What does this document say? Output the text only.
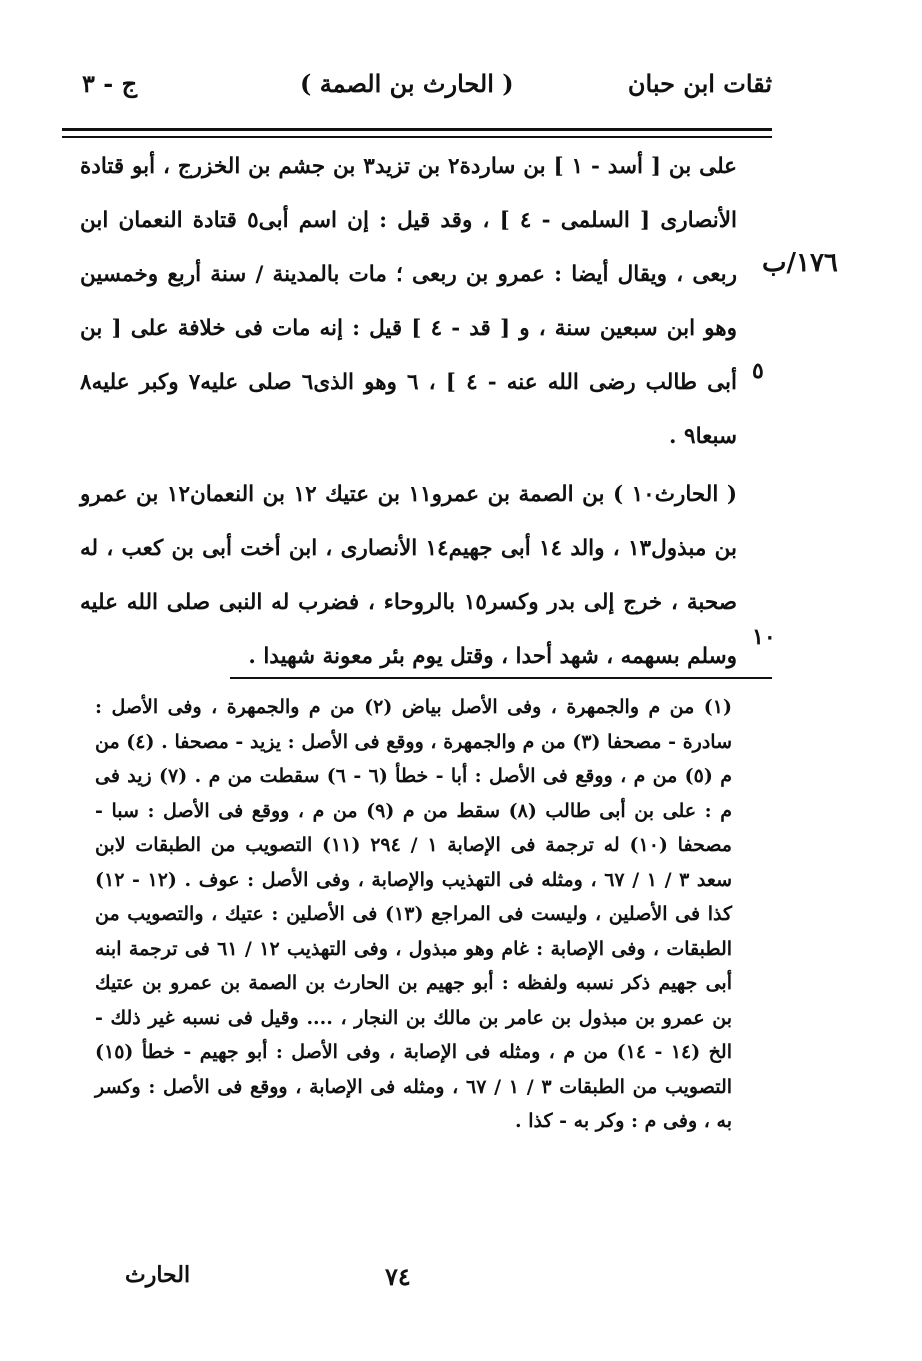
ج - ٣	( الحارث بن الصمة )	ثقات ابن حبان
١٧٦/ب
٥
١٠

على بن [ أسد - ١ ] بن ساردة٢ بن تزيد٣ بن جشم بن الخزرج ، أبو قتادة الأنصارى [ السلمى - ٤ ] ، وقد قيل : إن اسم أبى٥ قتادة النعمان ابن ربعى ، ويقال أيضا : عمرو بن ربعى ؛ مات بالمدينة / سنة أربع وخمسين وهو ابن سبعين سنة ، و [ قد - ٤ ] قيل : إنه مات فى خلافة على [ بن أبى طالب رضى الله عنه - ٤ ] ، ٦ وهو الذى٦ صلى عليه٧ وكبر عليه٨ سبعا٩ .

( الحارث١٠ ) بن الصمة بن عمرو١١ بن عتيك ١٢ بن النعمان١٢ بن عمرو بن مبذول١٣ ، والد ١٤ أبى جهيم١٤ الأنصارى ، ابن أخت أبى بن كعب ، له صحبة ، خرج إلى بدر وكسر١٥ بالروحاء ، فضرب له النبى صلى الله عليه وسلم بسهمه ، شهد أحدا ، وقتل يوم بئر معونة شهيدا .

(١) من م والجمهرة ، وفى الأصل بياض (٢) من م والجمهرة ، وفى الأصل : سادرة - مصحفا (٣) من م والجمهرة ، ووقع فى الأصل : يزيد - مصحفا . (٤) من م (٥) من م ، ووقع فى الأصل : أبا - خطأ (٦ - ٦) سقطت من م . (٧) زيد فى م : على بن أبى طالب (٨) سقط من م (٩) من م ، ووقع فى الأصل : سبا - مصحفا (١٠) له ترجمة فى الإصابة ١ / ٢٩٤ (١١) التصويب من الطبقات لابن سعد ٣ / ١ / ٦٧ ، ومثله فى التهذيب والإصابة ، وفى الأصل : عوف . (١٢ - ١٢) كذا فى الأصلين ، وليست فى المراجع (١٣) فى الأصلين : عتيك ، والتصويب من الطبقات ، وفى الإصابة : غام وهو مبذول ، وفى التهذيب ١٢ / ٦١ فى ترجمة ابنه أبى جهيم ذكر نسبه ولفظه : أبو جهيم بن الحارث بن الصمة بن عمرو بن عتيك بن عمرو بن مبذول بن عامر بن مالك بن النجار ، .... وقيل فى نسبه غير ذلك - الخ (١٤ - ١٤) من م ، ومثله فى الإصابة ، وفى الأصل : أبو جهيم - خطأ (١٥) التصويب من الطبقات ٣ / ١ / ٦٧ ، ومثله فى الإصابة ، ووقع فى الأصل : وكسر به ، وفى م : وكر به - كذا .
الحارث	٧٤
